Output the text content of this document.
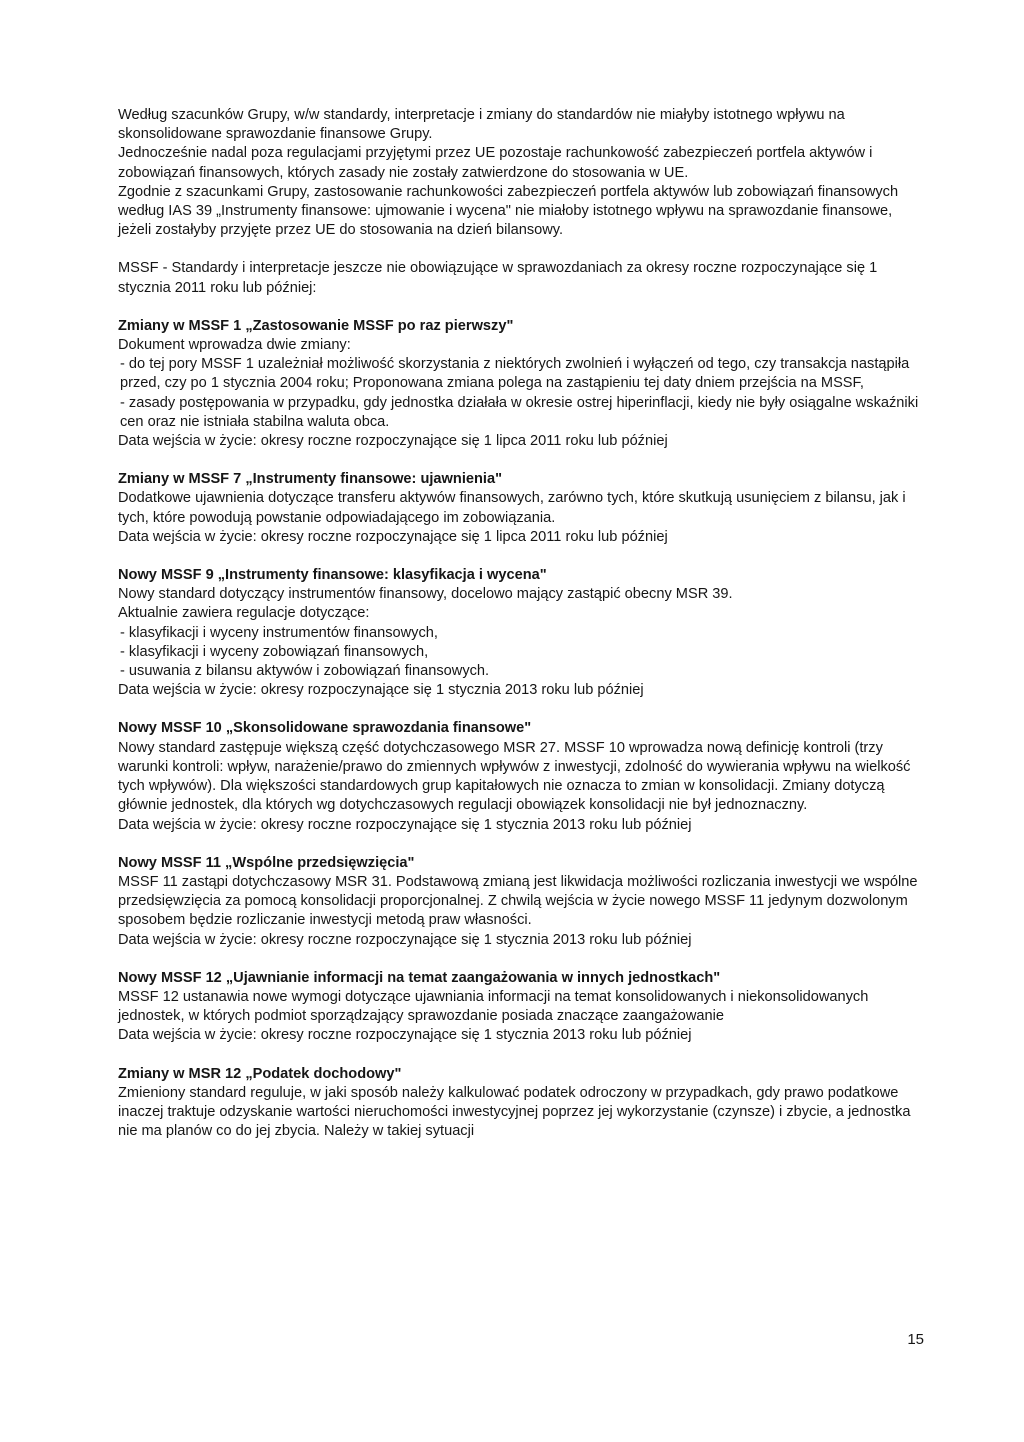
Według szacunków Grupy, w/w standardy, interpretacje i zmiany do standardów nie miałyby istotnego wpływu na skonsolidowane sprawozdanie finansowe Grupy.

Jednocześnie nadal poza regulacjami przyjętymi przez UE pozostaje rachunkowość zabezpieczeń portfela aktywów i zobowiązań finansowych, których zasady nie zostały zatwierdzone do stosowania w UE.

Zgodnie z szacunkami Grupy, zastosowanie rachunkowości zabezpieczeń portfela aktywów lub zobowiązań finansowych według IAS 39 „Instrumenty finansowe: ujmowanie i wycena" nie miałoby istotnego wpływu na sprawozdanie finansowe, jeżeli zostałyby przyjęte przez UE do stosowania na dzień bilansowy.

MSSF - Standardy i interpretacje jeszcze nie obowiązujące w sprawozdaniach za okresy roczne rozpoczynające się 1 stycznia 2011 roku lub później:

Zmiany w MSSF 1 „Zastosowanie MSSF po raz pierwszy"

Dokument wprowadza dwie zmiany:

- do tej pory MSSF 1 uzależniał możliwość skorzystania z niektórych zwolnień i wyłączeń od tego, czy transakcja nastąpiła przed, czy po 1 stycznia 2004 roku; Proponowana zmiana polega na zastąpieniu tej daty dniem przejścia na MSSF,

- zasady postępowania w przypadku, gdy jednostka działała w okresie ostrej hiperinflacji, kiedy nie były osiągalne wskaźniki cen oraz nie istniała stabilna waluta obca.

Data wejścia w życie: okresy roczne rozpoczynające się 1 lipca 2011 roku lub później

Zmiany w MSSF 7 „Instrumenty finansowe: ujawnienia"

Dodatkowe ujawnienia dotyczące transferu aktywów finansowych, zarówno tych, które skutkują usunięciem z bilansu, jak i tych, które powodują powstanie odpowiadającego im zobowiązania.

Data wejścia w życie: okresy roczne rozpoczynające się 1 lipca 2011 roku lub później

Nowy MSSF 9 „Instrumenty finansowe: klasyfikacja i wycena"

Nowy standard dotyczący instrumentów finansowy, docelowo mający zastąpić obecny MSR 39.

Aktualnie zawiera regulacje dotyczące:

- klasyfikacji i wyceny instrumentów finansowych,

- klasyfikacji i wyceny zobowiązań finansowych,

- usuwania z bilansu aktywów i zobowiązań finansowych.

Data wejścia w życie: okresy rozpoczynające się 1 stycznia 2013 roku lub później

Nowy MSSF 10 „Skonsolidowane sprawozdania finansowe"

Nowy standard zastępuje większą część dotychczasowego MSR 27. MSSF 10 wprowadza nową definicję kontroli (trzy warunki kontroli: wpływ, narażenie/prawo do zmiennych wpływów z inwestycji, zdolność do wywierania wpływu na wielkość tych wpływów). Dla większości standardowych grup kapitałowych nie oznacza to zmian w konsolidacji. Zmiany dotyczą głównie jednostek, dla których wg dotychczasowych regulacji obowiązek konsolidacji nie był jednoznaczny.

Data wejścia w życie: okresy roczne rozpoczynające się 1 stycznia 2013 roku lub później

Nowy MSSF 11 „Wspólne przedsięwzięcia"

MSSF 11 zastąpi dotychczasowy MSR 31. Podstawową zmianą jest likwidacja możliwości rozliczania inwestycji we wspólne przedsięwzięcia za pomocą konsolidacji proporcjonalnej. Z chwilą wejścia w życie nowego MSSF 11 jedynym dozwolonym sposobem będzie rozliczanie inwestycji metodą praw własności.

Data wejścia w życie: okresy roczne rozpoczynające się 1 stycznia 2013 roku lub później

Nowy MSSF 12 „Ujawnianie informacji na temat zaangażowania w innych jednostkach"

MSSF 12 ustanawia nowe wymogi dotyczące ujawniania informacji na temat konsolidowanych i niekonsolidowanych jednostek, w których podmiot sporządzający sprawozdanie posiada znaczące zaangażowanie

Data wejścia w życie: okresy roczne rozpoczynające się 1 stycznia 2013 roku lub później

Zmiany w MSR 12 „Podatek dochodowy"

Zmieniony standard reguluje, w jaki sposób należy kalkulować podatek odroczony w przypadkach, gdy prawo podatkowe inaczej traktuje odzyskanie wartości nieruchomości inwestycyjnej poprzez jej wykorzystanie (czynsze) i zbycie, a jednostka nie ma planów co do jej zbycia. Należy w takiej sytuacji

15
